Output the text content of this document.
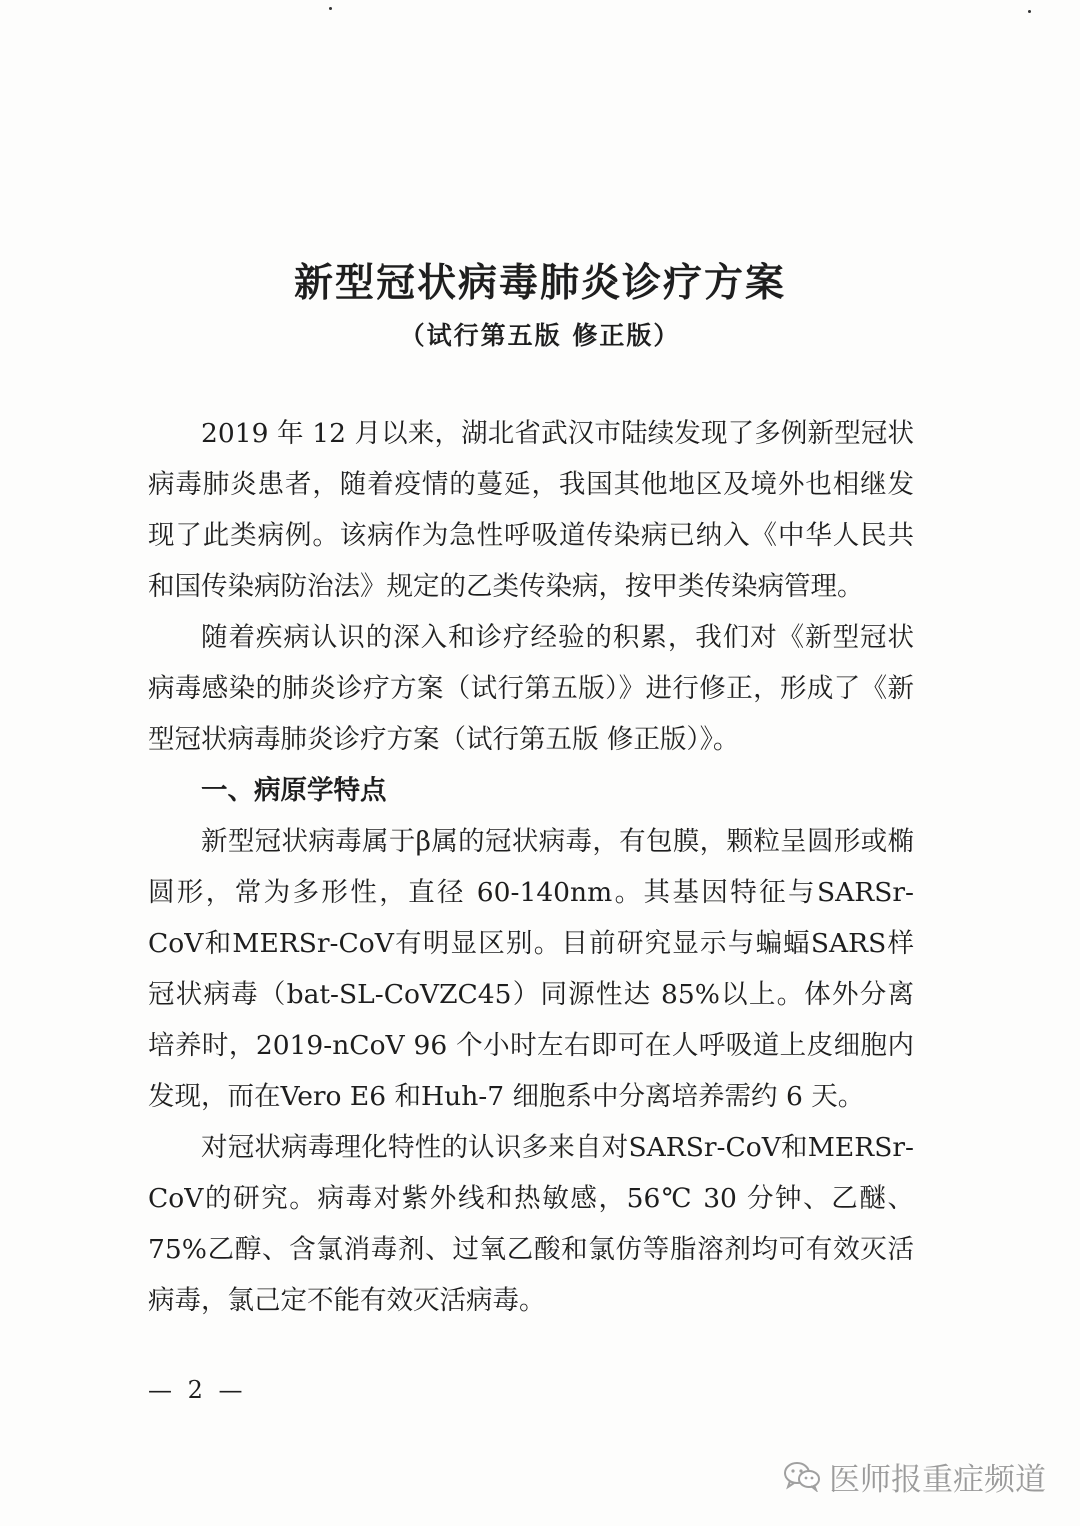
新型冠状病毒肺炎诊疗方案
（试行第五版 修正版）

2019 年 12 月以来，湖北省武汉市陆续发现了多例新型冠状病毒肺炎患者，随着疫情的蔓延，我国其他地区及境外也相继发现了此类病例。该病作为急性呼吸道传染病已纳入《中华人民共和国传染病防治法》规定的乙类传染病，按甲类传染病管理。

随着疾病认识的深入和诊疗经验的积累，我们对《新型冠状病毒感染的肺炎诊疗方案（试行第五版）》进行修正，形成了《新型冠状病毒肺炎诊疗方案（试行第五版 修正版）》。

一、病原学特点

新型冠状病毒属于β属的冠状病毒，有包膜，颗粒呈圆形或椭圆形，常为多形性，直径 60-140nm。其基因特征与SARSr-CoV和MERSr-CoV有明显区别。目前研究显示与蝙蝠SARS样冠状病毒（bat-SL-CoVZC45）同源性达 85%以上。体外分离培养时，2019-nCoV 96 个小时左右即可在人呼吸道上皮细胞内发现，而在Vero E6 和Huh-7 细胞系中分离培养需约 6 天。

对冠状病毒理化特性的认识多来自对SARSr-CoV和MERSr-CoV的研究。病毒对紫外线和热敏感，56℃ 30 分钟、乙醚、75%乙醇、含氯消毒剂、过氧乙酸和氯仿等脂溶剂均可有效灭活病毒，氯己定不能有效灭活病毒。

— 2 —
医师报重症频道
